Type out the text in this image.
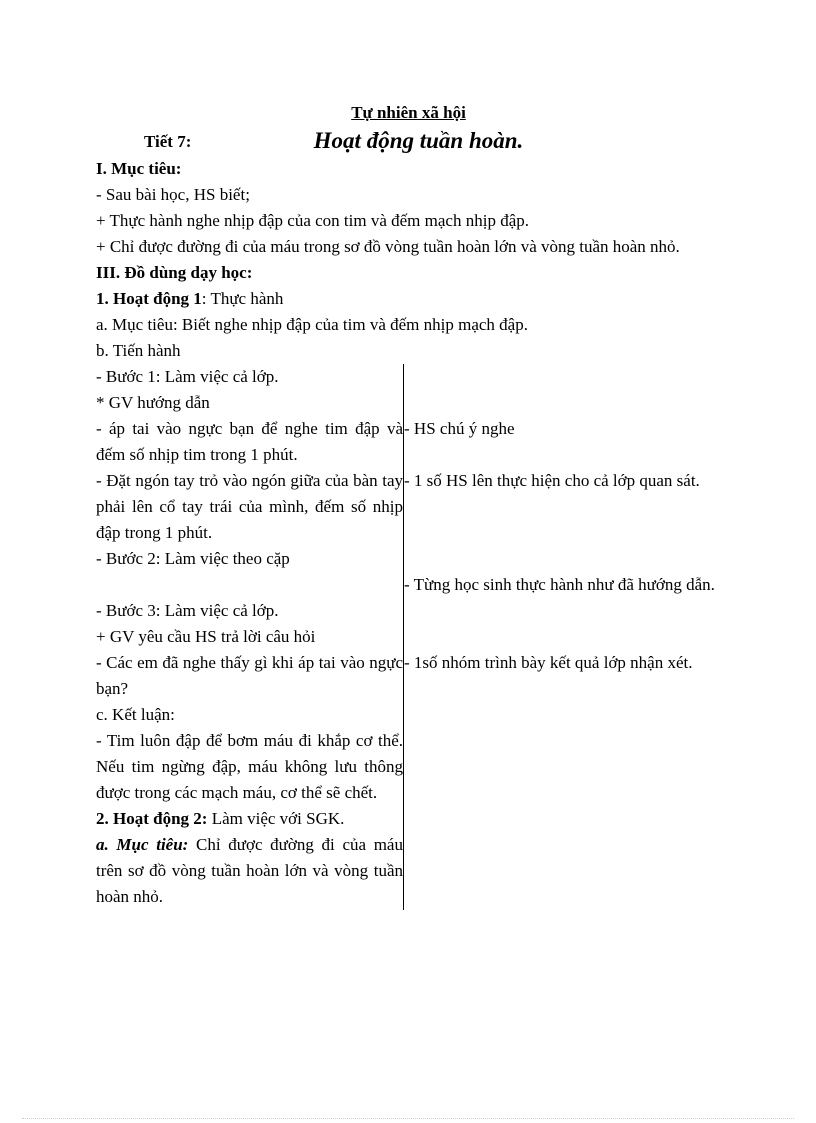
Tự nhiên xã hội

Tiết 7:	Hoạt động tuần hoàn.

I. Mục tiêu:

- Sau bài học, HS biết;

+ Thực hành nghe nhịp đập của con tim và đếm mạch nhịp đập.

+ Chỉ được đường đi của máu trong sơ đồ vòng tuần hoàn lớn và vòng tuần hoàn nhỏ.

III. Đồ dùng dạy học:

1. Hoạt động 1: Thực hành

a. Mục tiêu: Biết nghe nhịp đập của tim và đếm nhịp mạch đập.

b. Tiến hành

- Bước 1: Làm việc cả lớp.	
* GV hướng dẫn	
- áp tai vào ngực bạn để nghe tim đập và đếm số nhịp tim trong 1 phút.	- HS chú ý nghe
- Đặt ngón tay trỏ vào ngón giữa của bàn tay phải lên cổ tay trái của mình, đếm số nhịp đập trong 1 phút.	- 1 số HS lên thực hiện cho cả lớp quan sát.
- Bước 2: Làm việc theo cặp	
	- Từng học sinh thực hành như đã hướng dẫn.
- Bước 3: Làm việc cả lớp.	
+ GV yêu cầu HS trả lời câu hỏi	
- Các em đã nghe thấy gì khi áp tai vào ngực bạn?	- 1số nhóm trình bày kết quả lớp nhận xét.
c. Kết luận:	
- Tim luôn đập để bơm máu đi khắp cơ thể. Nếu tim ngừng đập, máu không lưu thông được trong các mạch máu, cơ thể sẽ chết.	
2. Hoạt động 2: Làm việc với SGK.	
a. Mục tiêu: Chỉ được đường đi của máu trên sơ đồ vòng tuần hoàn lớn và vòng tuần hoàn nhỏ.	
